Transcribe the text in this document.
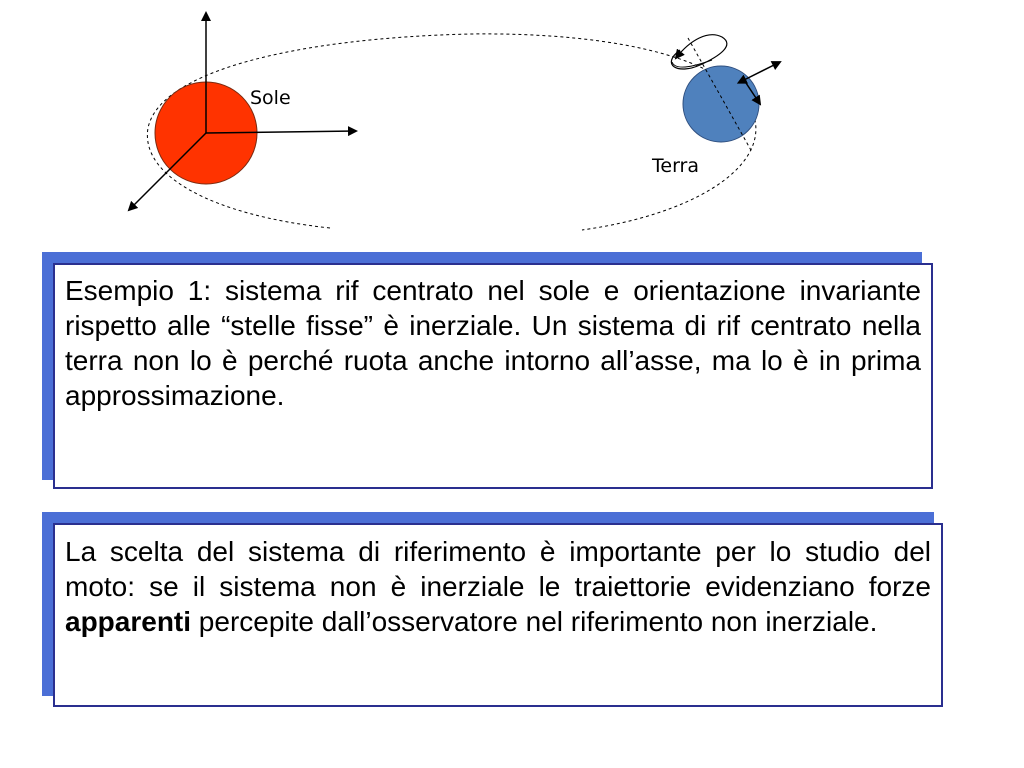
Sole
Terra
Esempio 1: sistema rif centrato nel sole e orientazione invariante rispetto alle “stelle fisse” è inerziale. Un sistema di rif centrato nella terra non lo è perché ruota anche intorno all’asse, ma lo è in prima approssimazione.
La scelta del sistema di riferimento è importante per lo studio del moto: se il sistema non è inerziale le traiettorie evidenziano forze apparenti percepite dall’osservatore nel riferimento non inerziale.
